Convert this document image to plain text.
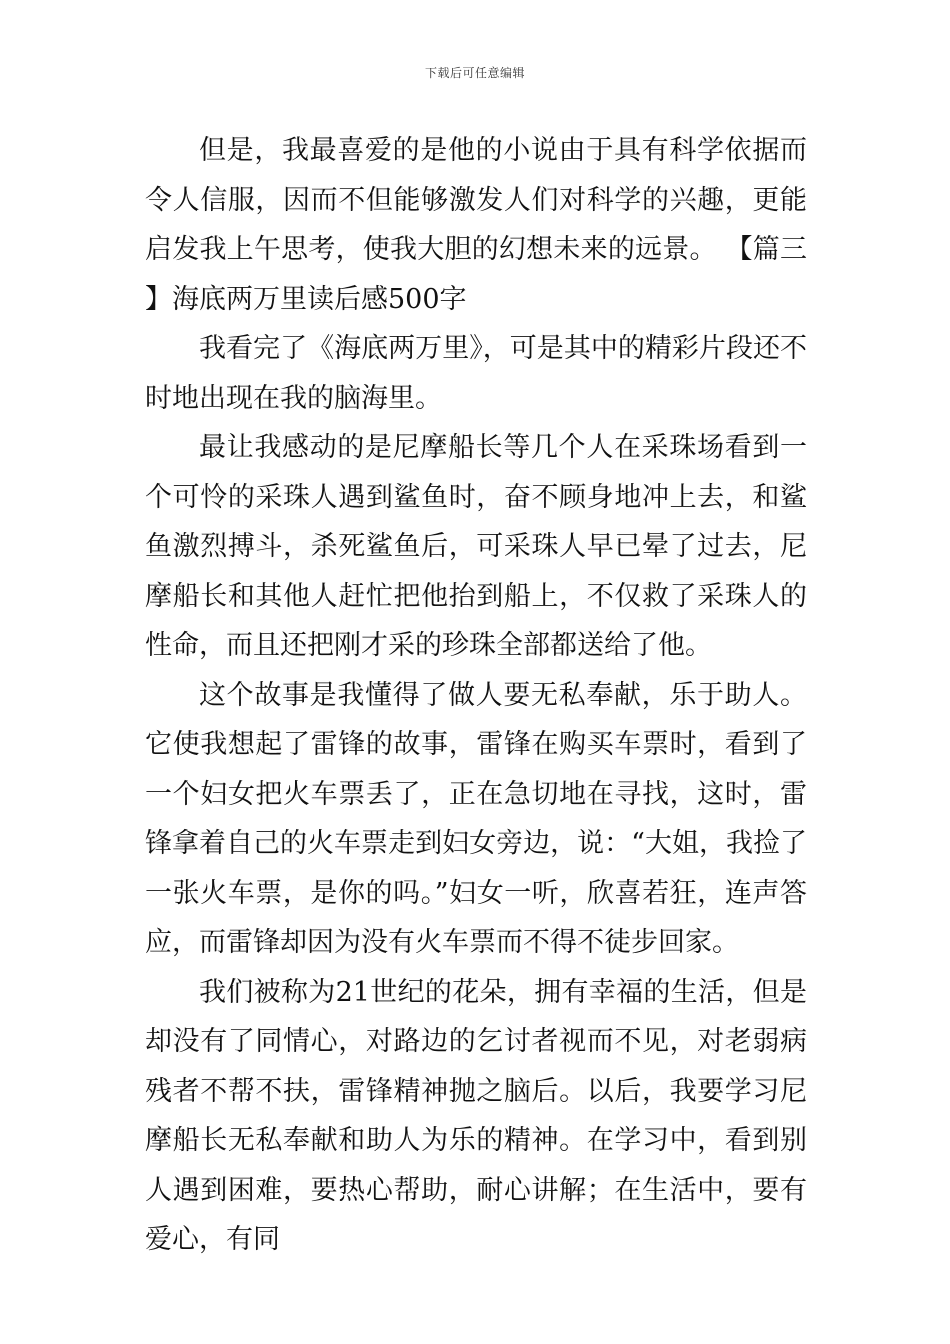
下载后可任意编辑

但是，我最喜爱的是他的小说由于具有科学依据而令人信服，因而不但能够激发人们对科学的兴趣，更能启发我上午思考，使我大胆的幻想未来的远景。 【篇三】海底两万里读后感500字

我看完了《海底两万里》，可是其中的精彩片段还不时地出现在我的脑海里。

最让我感动的是尼摩船长等几个人在采珠场看到一个可怜的采珠人遇到鲨鱼时，奋不顾身地冲上去，和鲨鱼激烈搏斗，杀死鲨鱼后，可采珠人早已晕了过去，尼摩船长和其他人赶忙把他抬到船上，不仅救了采珠人的性命，而且还把刚才采的珍珠全部都送给了他。

这个故事是我懂得了做人要无私奉献，乐于助人。它使我想起了雷锋的故事，雷锋在购买车票时，看到了一个妇女把火车票丢了，正在急切地在寻找，这时，雷锋拿着自己的火车票走到妇女旁边，说：“大姐，我捡了一张火车票，是你的吗。”妇女一听，欣喜若狂，连声答应，而雷锋却因为没有火车票而不得不徒步回家。

我们被称为21世纪的花朵，拥有幸福的生活，但是却没有了同情心，对路边的乞讨者视而不见，对老弱病残者不帮不扶，雷锋精神抛之脑后。以后，我要学习尼摩船长无私奉献和助人为乐的精神。在学习中，看到别人遇到困难，要热心帮助，耐心讲解；在生活中，要有爱心，有同
